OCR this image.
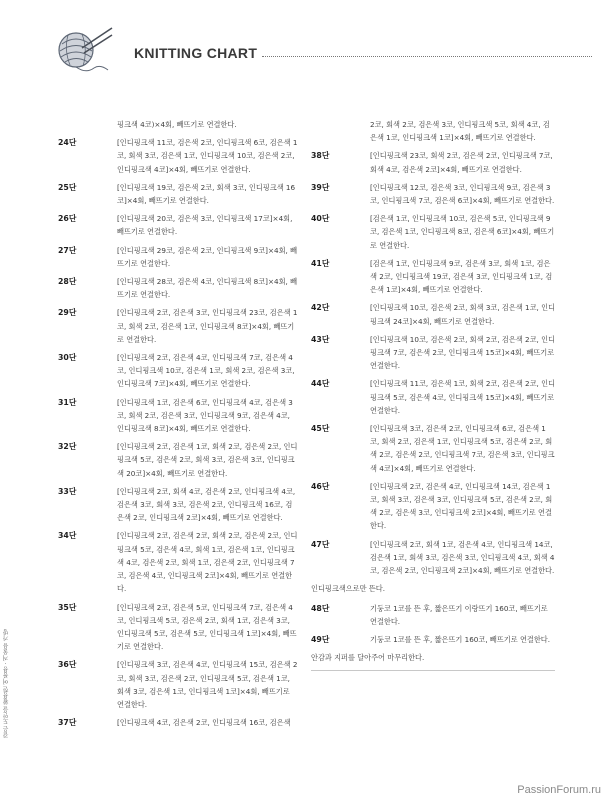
KNITTING CHART

핑크색 4코)×4회, 빼뜨기로 연결한다.

24단	[인디핑크색 11코, 검은색 2코, 인디핑크색 6코, 검은색 1코, 회색 3코, 검은색 1코, 인디핑크색 10코, 검은색 2코, 인디핑크색 4코]×4회, 빼뜨기로 연결한다.

25단	[인디핑크색 19코, 검은색 2코, 회색 3코, 인디핑크색 16코]×4회, 빼뜨기로 연결한다.

26단	[인디핑크색 20코, 검은색 3코, 인디핑크색 17코]×4회, 빼뜨기로 연결한다.

27단	[인디핑크색 29코, 검은색 2코, 인디핑크색 9코]×4회, 빼뜨기로 연결한다.

28단	[인디핑크색 28코, 검은색 4코, 인디핑크색 8코]×4회, 빼뜨기로 연결한다.

29단	[인디핑크색 2코, 검은색 3코, 인디핑크색 23코, 검은색 1코, 회색 2코, 검은색 1코, 인디핑크색 8코]×4회, 빼뜨기로 연결한다.

30단	[인디핑크색 2코, 검은색 4코, 인디핑크색 7코, 검은색 4코, 인디핑크색 10코, 검은색 1코, 회색 2코, 검은색 3코, 인디핑크색 7코]×4회, 빼뜨기로 연결한다.

31단	[인디핑크색 1코, 검은색 6코, 인디핑크색 4코, 검은색 3코, 회색 2코, 검은색 3코, 인디핑크색 9코, 검은색 4코, 인디핑크색 8코]×4회, 빼뜨기로 연결한다.

32단	[인디핑크색 2코, 검은색 1코, 회색 2코, 검은색 2코, 인디핑크색 5코, 검은색 2코, 회색 3코, 검은색 3코, 인디핑크색 20코]×4회, 빼뜨기로 연결한다.

33단	[인디핑크색 2코, 회색 4코, 검은색 2코, 인디핑크색 4코, 검은색 3코, 회색 3코, 검은색 2코, 인디핑크색 16코, 검은색 2코, 인디핑크색 2코]×4회, 빼뜨기로 연결한다.

34단	[인디핑크색 2코, 검은색 2코, 회색 2코, 검은색 2코, 인디핑크색 5코, 검은색 4코, 회색 1코, 검은색 1코, 인디핑크색 4코, 검은색 2코, 회색 1코, 검은색 2코, 인디핑크색 7코, 검은색 4코, 인디핑크색 2코]×4회, 빼뜨기로 연결한다.

35단	[인디핑크색 2코, 검은색 5코, 인디핑크색 7코, 검은색 4코, 인디핑크색 5코, 검은색 2코, 회색 1코, 검은색 3코, 인디핑크색 5코, 검은색 5코, 인디핑크색 1코]×4회, 빼뜨기로 연결한다.

36단	[인디핑크색 3코, 검은색 4코, 인디핑크색 15코, 검은색 2코, 회색 3코, 검은색 2코, 인디핑크색 5코, 검은색 1코, 회색 3코, 검은색 1코, 인디핑크색 1코]×4회, 빼뜨기로 연결한다.

37단	[인디핑크색 4코, 검은색 2코, 인디핑크색 16코, 검은색

2코, 회색 2코, 검은색 3코, 인디핑크색 5코, 회색 4코, 검은색 1코, 인디핑크색 1코]×4회, 빼뜨기로 연결한다.

38단	[인디핑크색 23코, 회색 2코, 검은색 2코, 인디핑크색 7코, 회색 4코, 검은색 2코]×4회, 빼뜨기로 연결한다.

39단	[인디핑크색 12코, 검은색 3코, 인디핑크색 9코, 검은색 3코, 인디핑크색 7코, 검은색 6코]×4회, 빼뜨기로 연결한다.

40단	[검은색 1코, 인디핑크색 10코, 검은색 5코, 인디핑크색 9코, 검은색 1코, 인디핑크색 8코, 검은색 6코]×4회, 빼뜨기로 연결한다.

41단	[검은색 1코, 인디핑크색 9코, 검은색 3코, 회색 1코, 검은색 2코, 인디핑크색 19코, 검은색 3코, 인디핑크색 1코, 검은색 1코]×4회, 빼뜨기로 연결한다.

42단	[인디핑크색 10코, 검은색 2코, 회색 3코, 검은색 1코, 인디핑크색 24코]×4회, 빼뜨기로 연결한다.

43단	[인디핑크색 10코, 검은색 2코, 회색 2코, 검은색 2코, 인디핑크색 7코, 검은색 2코, 인디핑크색 15코]×4회, 빼뜨기로 연결한다.

44단	[인디핑크색 11코, 검은색 1코, 회색 2코, 검은색 2코, 인디핑크색 5코, 검은색 4코, 인디핑크색 15코]×4회, 빼뜨기로 연결한다.

45단	[인디핑크색 3코, 검은색 2코, 인디핑크색 6코, 검은색 1코, 회색 2코, 검은색 1코, 인디핑크색 5코, 검은색 2코, 회색 2코, 검은색 2코, 인디핑크색 7코, 검은색 3코, 인디핑크색 4코]×4회, 빼뜨기로 연결한다.

46단	[인디핑크색 2코, 검은색 4코, 인디핑크색 14코, 검은색 1코, 회색 3코, 검은색 3코, 인디핑크색 5코, 검은색 2코, 회색 2코, 검은색 3코, 인디핑크색 2코]×4회, 빼뜨기로 연결한다.

47단	[인디핑크색 2코, 회색 1코, 검은색 4코, 인디핑크색 14코, 검은색 1코, 회색 3코, 검은색 3코, 인디핑크색 4코, 회색 4코, 검은색 2코, 인디핑크색 2코]×4회, 빼뜨기로 연결한다.

인디핑크색으로만 뜬다.

48단	기둥코 1코를 뜬 후, 짧은뜨기 이랑뜨기 160코, 빼뜨기로 연결한다.

49단	기둥코 1코를 뜬 후, 짧은뜨기 160코, 빼뜨기로 연결한다.

안감과 지퍼를 달아주어 마무리한다.

같은 도안을 활용한 여름용 · 겨울용 가방
PassionForum.ru
